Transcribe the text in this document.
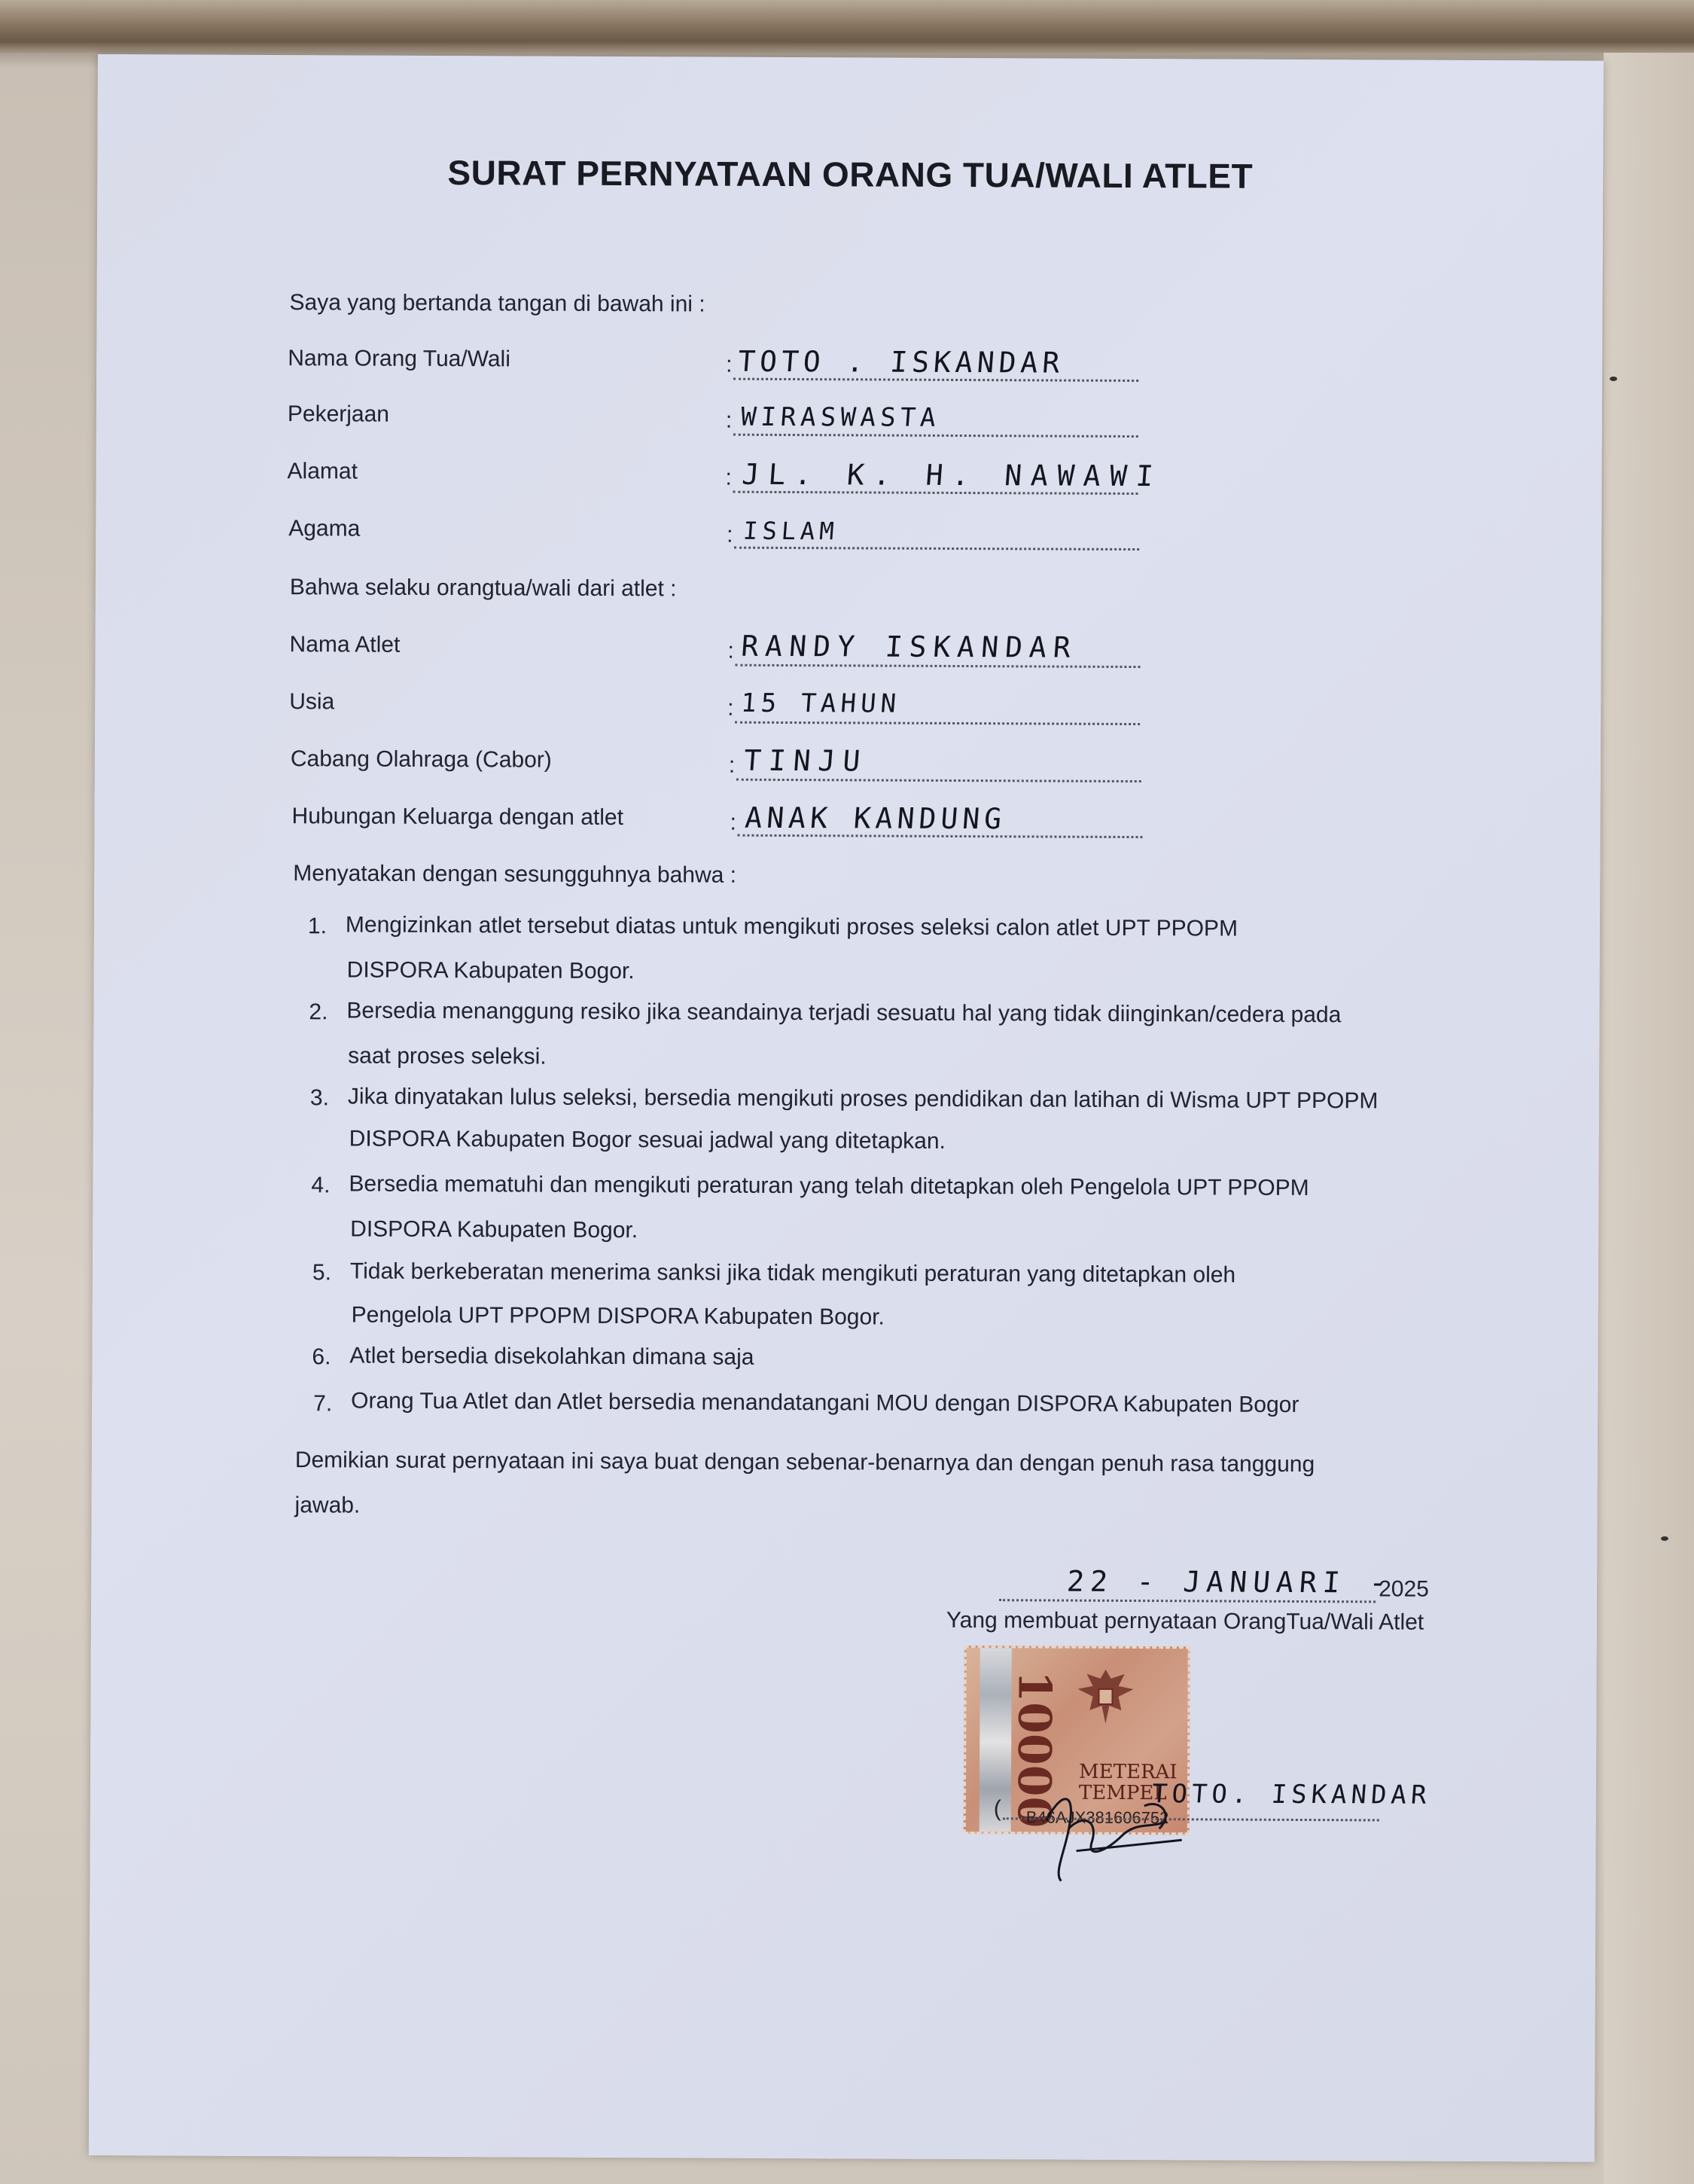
SURAT PERNYATAAN ORANG TUA/WALI ATLET
Saya yang bertanda tangan di bawah ini :
Nama Orang Tua/Wali	: TOTO . ISKANDAR
Pekerjaan	: WIRASWASTA
Alamat	: JL. K. H. NAWAWI
Agama	: ISLAM
Bahwa selaku orangtua/wali dari atlet :
Nama Atlet	: RANDY ISKANDAR
Usia	: 15 TAHUN
Cabang Olahraga (Cabor)	: TINJU
Hubungan Keluarga dengan atlet	: ANAK KANDUNG
Menyatakan dengan sesungguhnya bahwa :
1. Mengizinkan atlet tersebut diatas untuk mengikuti proses seleksi calon atlet UPT PPOPM
DISPORA Kabupaten Bogor.
2. Bersedia menanggung resiko jika seandainya terjadi sesuatu hal yang tidak diinginkan/cedera pada
saat proses seleksi.
3. Jika dinyatakan lulus seleksi, bersedia mengikuti proses pendidikan dan latihan di Wisma UPT PPOPM
DISPORA Kabupaten Bogor sesuai jadwal yang ditetapkan.
4. Bersedia mematuhi dan mengikuti peraturan yang telah ditetapkan oleh Pengelola UPT PPOPM
DISPORA Kabupaten Bogor.
5. Tidak berkeberatan menerima sanksi jika tidak mengikuti peraturan yang ditetapkan oleh
Pengelola UPT PPOPM DISPORA Kabupaten Bogor.
6. Atlet bersedia disekolahkan dimana saja
7. Orang Tua Atlet dan Atlet bersedia menandatangani MOU dengan DISPORA Kabupaten Bogor
Demikian surat pernyataan ini saya buat dengan sebenar-benarnya dan dengan penuh rasa tanggung
jawab.
22 - JANUARI -
2025
Yang membuat pernyataan OrangTua/Wali Atlet
10000 METERAI
TEMPEL
B46AJX381606752
(	TOTO. ISKANDAR
